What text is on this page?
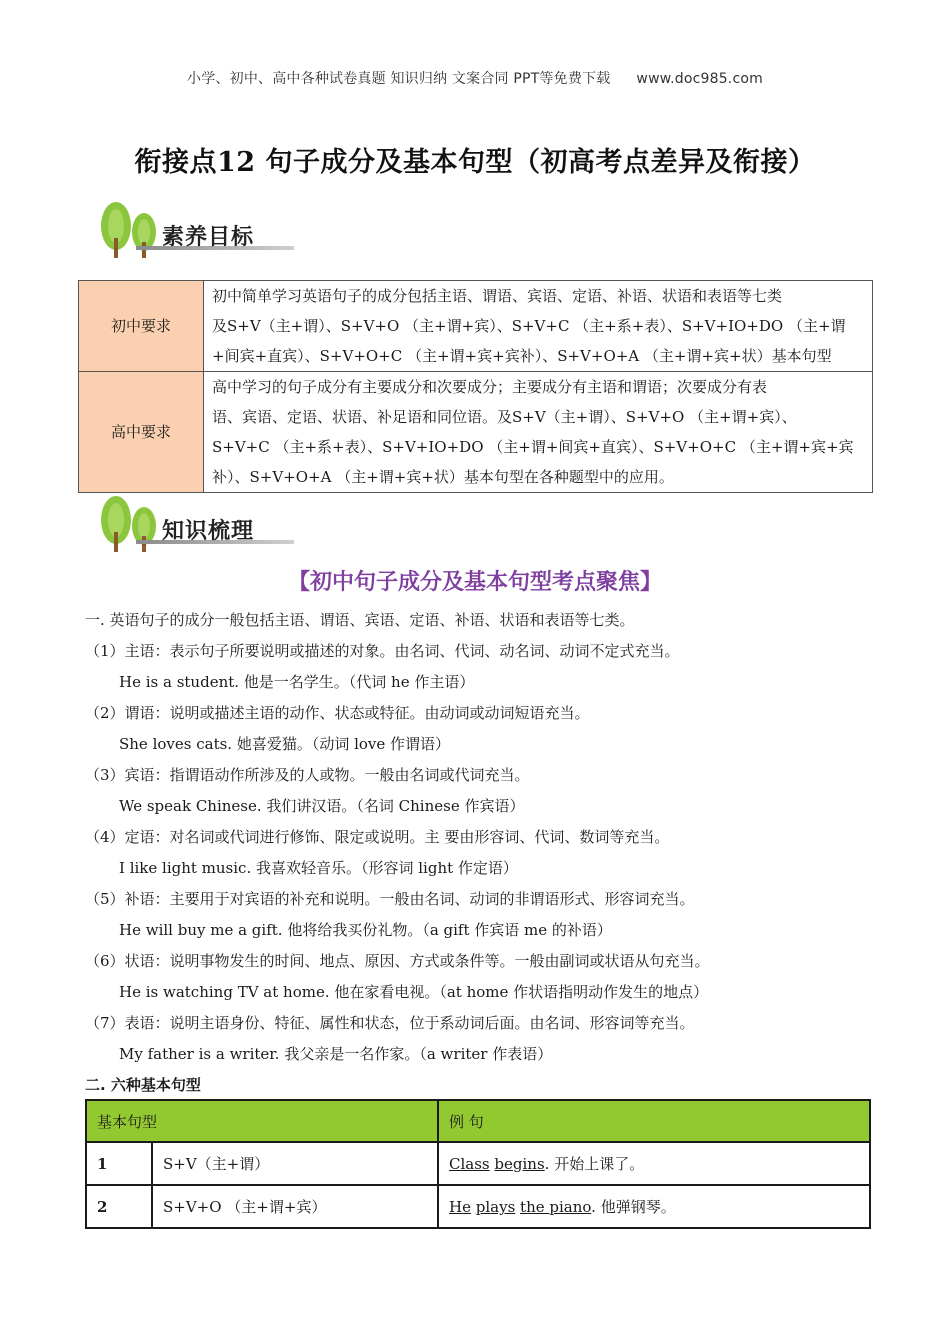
小学、初中、高中各种试卷真题 知识归纳 文案合同 PPT等免费下载 www.doc985.com
衔接点12 句子成分及基本句型（初高考点差异及衔接）
素养目标
初中要求	初中简单学习英语句子的成分包括主语、谓语、宾语、定语、补语、状语和表语等七类
及S+V（主+谓）、S+V+O （主+谓+宾）、S+V+C （主+系+表）、S+V+IO+DO （主+谓
+间宾+直宾）、S+V+O+C （主+谓+宾+宾补）、S+V+O+A （主+谓+宾+状）基本句型

高中要求	高中学习的句子成分有主要成分和次要成分；主要成分有主语和谓语；次要成分有表
语、宾语、定语、状语、补足语和同位语。及S+V（主+谓）、S+V+O （主+谓+宾）、
S+V+C （主+系+表）、S+V+IO+DO （主+谓+间宾+直宾）、S+V+O+C （主+谓+宾+宾
补）、S+V+O+A （主+谓+宾+状）基本句型在各种题型中的应用。
知识梳理
【初中句子成分及基本句型考点聚焦】

一. 英语句子的成分一般包括主语、谓语、宾语、定语、补语、状语和表语等七类。

（1）主语：表示句子所要说明或描述的对象。由名词、代词、动名词、动词不定式充当。

He is a student. 他是一名学生。（代词 he 作主语）

（2）谓语：说明或描述主语的动作、状态或特征。由动词或动词短语充当。

She loves cats. 她喜爱猫。（动词 love 作谓语）

（3）宾语：指谓语动作所涉及的人或物。一般由名词或代词充当。

We speak Chinese. 我们讲汉语。（名词 Chinese 作宾语）

（4）定语：对名词或代词进行修饰、限定或说明。主 要由形容词、代词、数词等充当。

I like light music. 我喜欢轻音乐。（形容词 light 作定语）

（5）补语：主要用于对宾语的补充和说明。一般由名词、动词的非谓语形式、形容词充当。

He will buy me a gift. 他将给我买份礼物。（a gift 作宾语 me 的补语）

（6）状语：说明事物发生的时间、地点、原因、方式或条件等。一般由副词或状语从句充当。

He is watching TV at home. 他在家看电视。（at home 作状语指明动作发生的地点）

（7）表语：说明主语身份、特征、属性和状态，位于系动词后面。由名词、形容词等充当。

My father is a writer. 我父亲是一名作家。（a writer 作表语）

二. 六种基本句型

基本句型		例 句
1	S+V（主+谓）	Class begins. 开始上课了。
2	S+V+O （主+谓+宾）	He plays the piano. 他弹钢琴。
